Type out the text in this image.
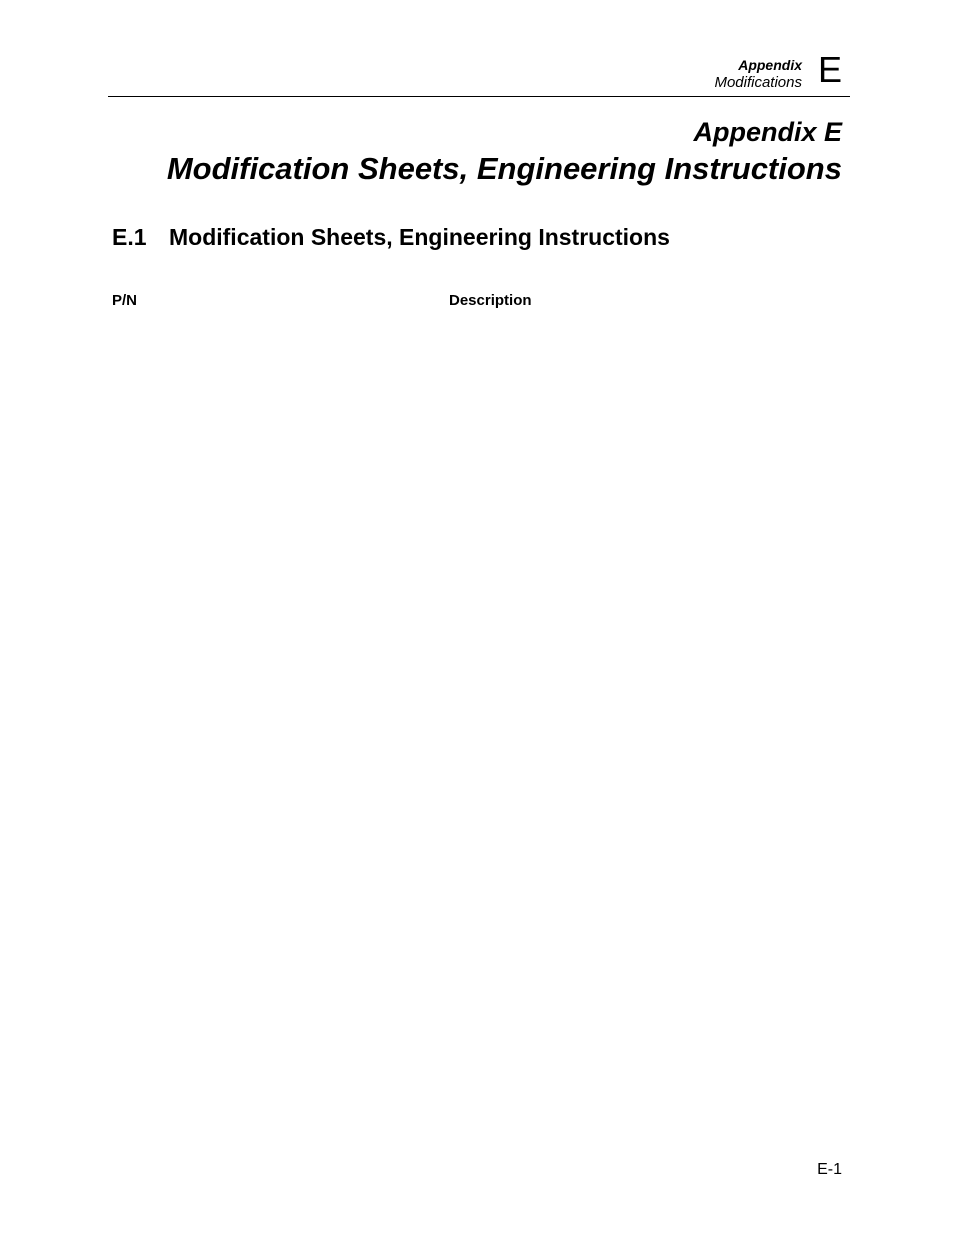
Appendix
Modifications E
Appendix E
Modification Sheets, Engineering Instructions
E.1 Modification Sheets, Engineering Instructions
P/N	Description
E-1
